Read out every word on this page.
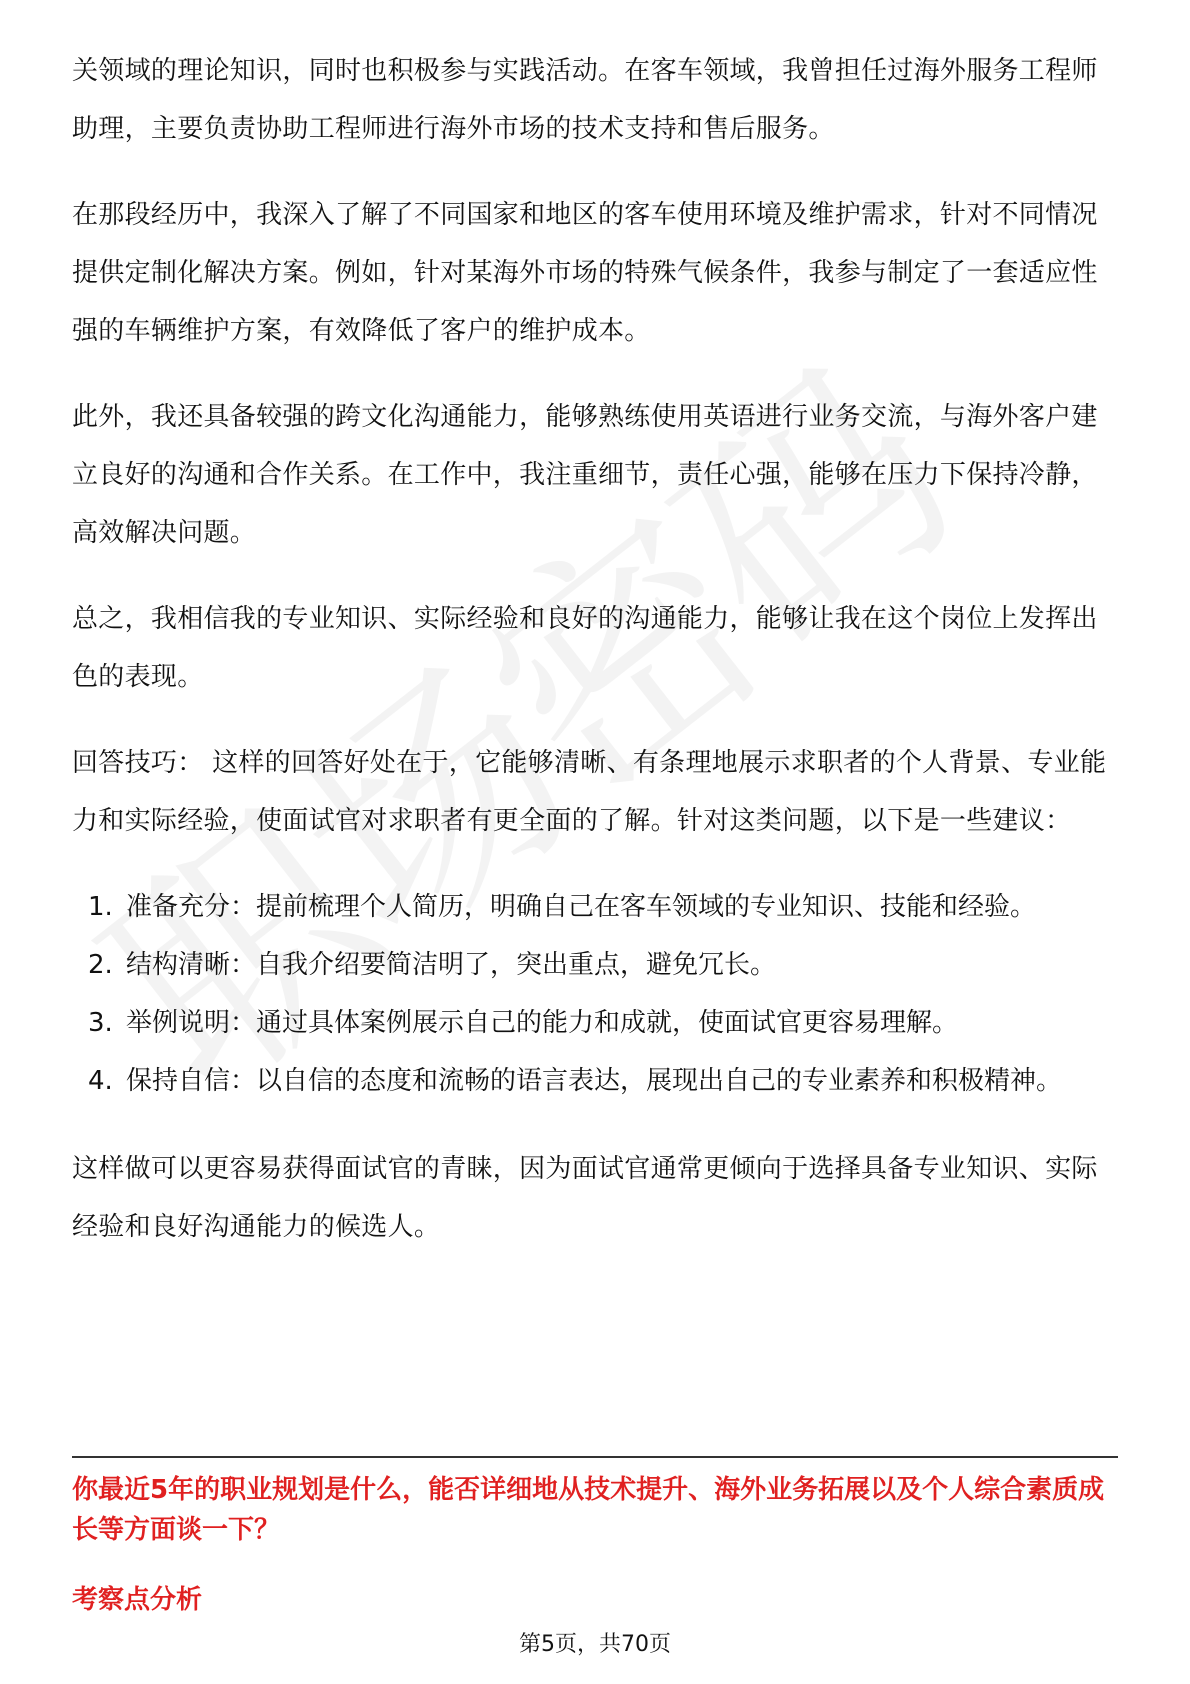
关领域的理论知识，同时也积极参与实践活动。在客车领域，我曾担任过海外服务工程师助理，主要负责协助工程师进行海外市场的技术支持和售后服务。

在那段经历中，我深入了解了不同国家和地区的客车使用环境及维护需求，针对不同情况提供定制化解决方案。例如，针对某海外市场的特殊气候条件，我参与制定了一套适应性强的车辆维护方案，有效降低了客户的维护成本。

此外，我还具备较强的跨文化沟通能力，能够熟练使用英语进行业务交流，与海外客户建立良好的沟通和合作关系。在工作中，我注重细节，责任心强，能够在压力下保持冷静，高效解决问题。

总之，我相信我的专业知识、实际经验和良好的沟通能力，能够让我在这个岗位上发挥出色的表现。

回答技巧： 这样的回答好处在于，它能够清晰、有条理地展示求职者的个人背景、专业能力和实际经验，使面试官对求职者有更全面的了解。针对这类问题，以下是一些建议：

1. 准备充分：提前梳理个人简历，明确自己在客车领域的专业知识、技能和经验。
2. 结构清晰：自我介绍要简洁明了，突出重点，避免冗长。
3. 举例说明：通过具体案例展示自己的能力和成就，使面试官更容易理解。
4. 保持自信：以自信的态度和流畅的语言表达，展现出自己的专业素养和积极精神。

这样做可以更容易获得面试官的青睐，因为面试官通常更倾向于选择具备专业知识、实际经验和良好沟通能力的候选人。

你最近5年的职业规划是什么，能否详细地从技术提升、海外业务拓展以及个人综合素质成长等方面谈一下？

考察点分析

第5页，共70页
